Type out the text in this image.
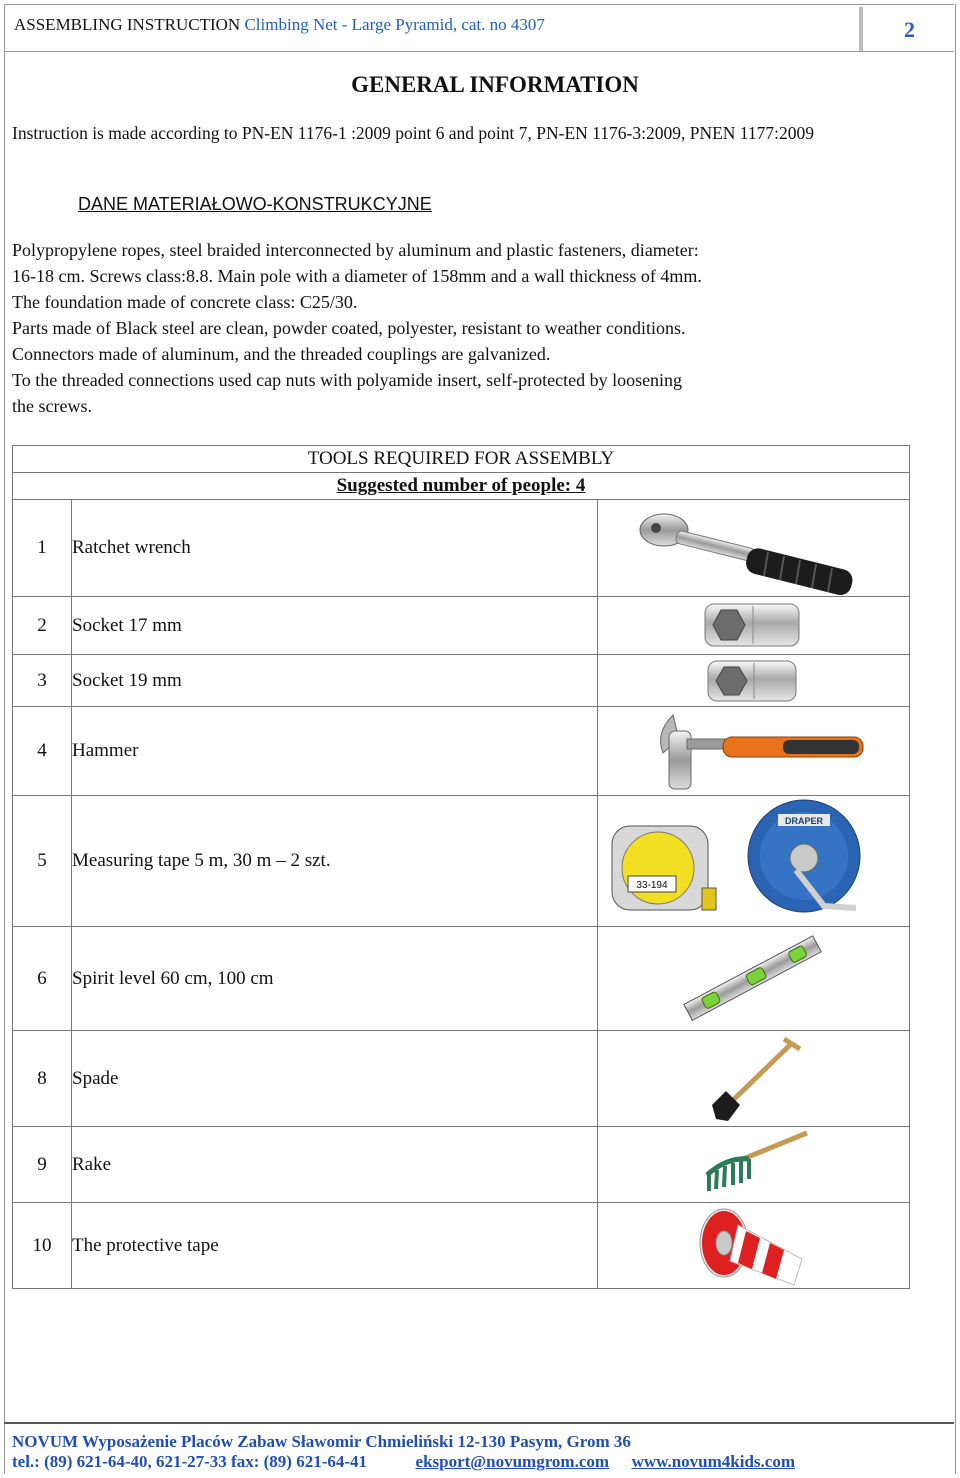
ASSEMBLING INSTRUCTION Climbing Net - Large Pyramid, cat. no 4307	2
GENERAL INFORMATION
Instruction is made according to PN-EN 1176-1 :2009 point 6 and point 7, PN-EN 1176-3:2009, PNEN 1177:2009
DANE MATERIAŁOWO-KONSTRUKCYJNE
Polypropylene ropes, steel braided interconnected by aluminum and plastic fasteners, diameter:
16-18 cm. Screws class:8.8. Main pole with a diameter of 158mm and a wall thickness of 4mm.
The foundation made of concrete class: C25/30.
Parts made of Black steel are clean, powder coated, polyester, resistant to weather conditions.
Connectors made of aluminum, and the threaded couplings are galvanized.
To the threaded connections used cap nuts with polyamide insert, self-protected by loosening
the screws.
TOOLS REQUIRED FOR ASSEMBLY		
Suggested number of people: 4		
1	Ratchet wrench	

2	Socket 17 mm	

3	Socket 19 mm	

4	Hammer	

5	Measuring tape 5 m, 30 m – 2 szt.	33-194
DRAPER

6	Spirit level 60 cm, 100 cm	

8	Spade	

9	Rake	

10	The protective tape	
NOVUM Wyposażenie Placów Zabaw Sławomir Chmieliński 12-130 Pasym, Grom 36
tel.: (89) 621-64-40, 621-27-33 fax: (89) 621-64-41	eksport@novumgrom.com www.novum4kids.com
